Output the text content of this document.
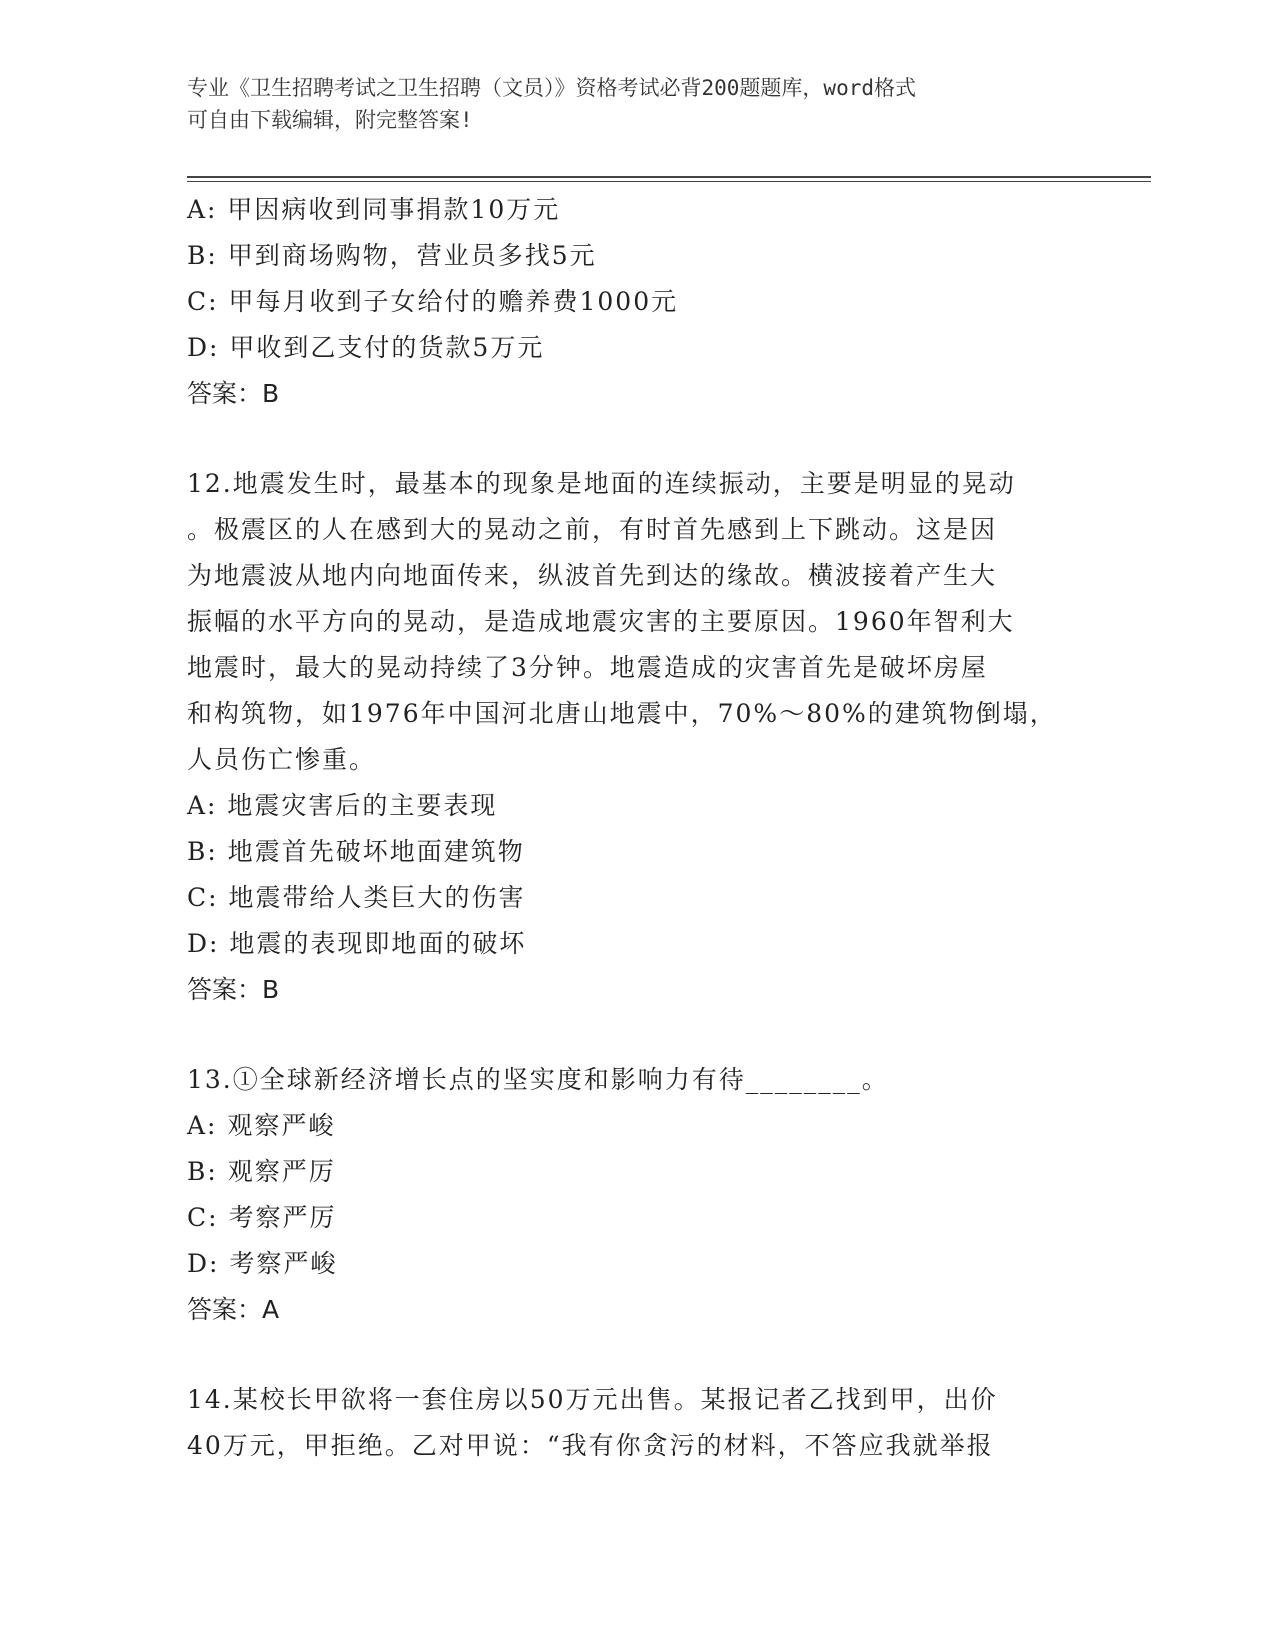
专业《卫生招聘考试之卫生招聘（文员）》资格考试必背200题题库，word格式
可自由下载编辑，附完整答案!
A: 甲因病收到同事捐款10万元
B: 甲到商场购物，营业员多找5元
C: 甲每月收到子女给付的赡养费1000元
D: 甲收到乙支付的货款5万元
答案：B
12.地震发生时，最基本的现象是地面的连续振动，主要是明显的晃动
。极震区的人在感到大的晃动之前，有时首先感到上下跳动。这是因
为地震波从地内向地面传来，纵波首先到达的缘故。横波接着产生大
振幅的水平方向的晃动，是造成地震灾害的主要原因。1960年智利大
地震时，最大的晃动持续了3分钟。地震造成的灾害首先是破坏房屋
和构筑物，如1976年中国河北唐山地震中，70%～80%的建筑物倒塌，
人员伤亡惨重。
A: 地震灾害后的主要表现
B: 地震首先破坏地面建筑物
C: 地震带给人类巨大的伤害
D: 地震的表现即地面的破坏
答案：B
13.①全球新经济增长点的坚实度和影响力有待________。
A: 观察严峻
B: 观察严厉
C: 考察严厉
D: 考察严峻
答案：A
14.某校长甲欲将一套住房以50万元出售。某报记者乙找到甲，出价
40万元，甲拒绝。乙对甲说：“我有你贪污的材料，不答应我就举报
